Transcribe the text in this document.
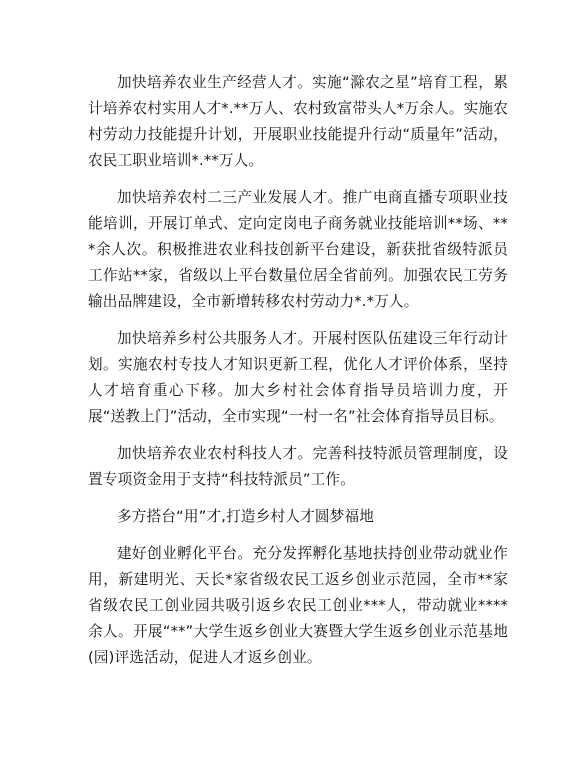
加快培养农业生产经营人才。实施“滁农之星”培育工程，累计培养农村实用人才*.**万人、农村致富带头人*万余人。实施农村劳动力技能提升计划，开展职业技能提升行动“质量年”活动，农民工职业培训*.**万人。

加快培养农村二三产业发展人才。推广电商直播专项职业技能培训，开展订单式、定向定岗电子商务就业技能培训**场、***余人次。积极推进农业科技创新平台建设，新获批省级特派员工作站**家，省级以上平台数量位居全省前列。加强农民工劳务输出品牌建设，全市新增转移农村劳动力*.*万人。

加快培养乡村公共服务人才。开展村医队伍建设三年行动计划。实施农村专技人才知识更新工程，优化人才评价体系，坚持人才培育重心下移。加大乡村社会体育指导员培训力度，开展“送教上门”活动，全市实现“一村一名”社会体育指导员目标。

加快培养农业农村科技人才。完善科技特派员管理制度，设置专项资金用于支持“科技特派员”工作。

多方搭台“用”才,打造乡村人才圆梦福地

建好创业孵化平台。充分发挥孵化基地扶持创业带动就业作用，新建明光、天长*家省级农民工返乡创业示范园，全市**家省级农民工创业园共吸引返乡农民工创业***人，带动就业****余人。开展“**”大学生返乡创业大赛暨大学生返乡创业示范基地(园)评选活动，促进人才返乡创业。
